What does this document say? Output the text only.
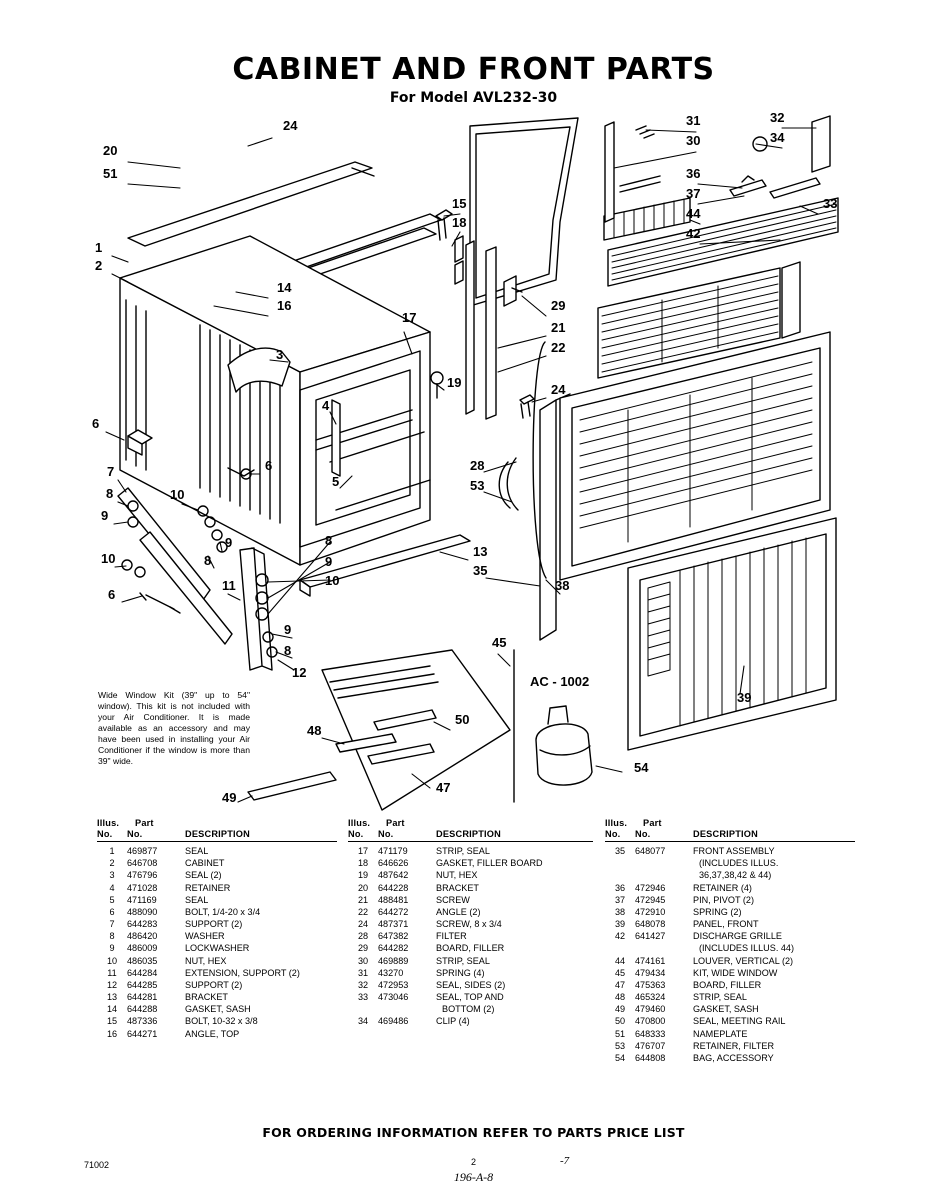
CABINET AND FRONT PARTS
For Model AVL232-30
20
51
24
1
2
14
16
17
3
15
18
19
29
21
22
24
4
5
6
6
7
8
9
10
9
10	8
6
11
12
8
9
10
9
8
13
35
28
53
38
31
30
36
37
44
42
32
34
33
39
45
48
50
47
49
54
AC - 1002
Wide Window Kit (39" up to 54" window). This kit is not included with your Air Conditioner. It is made available as an accessory and may have been used in installing your Air Conditioner if the window is more than 39" wide.
Illus. Part
No. No.	DESCRIPTION
1 469877	SEAL
2 646708	CABINET
3 476796	SEAL (2)
4 471028	RETAINER
5 471169	SEAL
6 488090	BOLT, 1/4-20 x 3/4
7 644283	SUPPORT (2)
8 486420	WASHER
9 486009	LOCKWASHER
10 486035	NUT, HEX
11 644284	EXTENSION, SUPPORT (2)
12 644285	SUPPORT (2)
13 644281	BRACKET
14 644288	GASKET, SASH
15 487336	BOLT, 10-32 x 3/8
16 644271	ANGLE, TOP
Illus. Part
No. No.	DESCRIPTION
17 471179	STRIP, SEAL
18 646626	GASKET, FILLER BOARD
19 487642	NUT, HEX
20 644228	BRACKET
21 488481	SCREW
22 644272	ANGLE (2)
24 487371	SCREW, 8 x 3/4
28 647382	FILTER
29 644282	BOARD, FILLER
30 469889	STRIP, SEAL
31 43270	SPRING (4)
32 472953	SEAL, SIDES (2)
33 473046	SEAL, TOP AND
BOTTOM (2)
34 469486	CLIP (4)
Illus. Part
No. No.	DESCRIPTION
35 648077	FRONT ASSEMBLY
(INCLUDES ILLUS.
36,37,38,42 & 44)
36 472946	RETAINER (4)
37 472945	PIN, PIVOT (2)
38 472910	SPRING (2)
39 648078	PANEL, FRONT
42 641427	DISCHARGE GRILLE
(INCLUDES ILLUS. 44)
44 474161	LOUVER, VERTICAL (2)
45 479434	KIT, WIDE WINDOW
47 475363	BOARD, FILLER
48 465324	STRIP, SEAL
49 479460	GASKET, SASH
50 470800	SEAL, MEETING RAIL
51 648333	NAMEPLATE
53 476707	RETAINER, FILTER
54 644808	BAG, ACCESSORY
FOR ORDERING INFORMATION REFER TO PARTS PRICE LIST
71002	2
196-A-8
-7
